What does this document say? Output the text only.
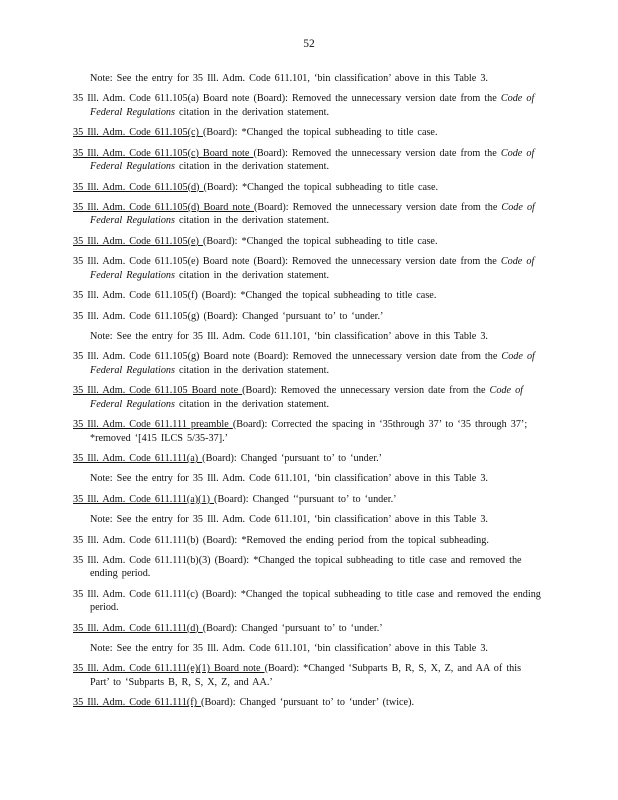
52

Note: See the entry for 35 Ill. Adm. Code 611.101, ‘bin classification’ above in this Table 3.

35 Ill. Adm. Code 611.105(a) Board note (Board): Removed the unnecessary version date from the Code of Federal Regulations citation in the derivation statement.

35 Ill. Adm. Code 611.105(c) (Board): *Changed the topical subheading to title case.

35 Ill. Adm. Code 611.105(c) Board note (Board): Removed the unnecessary version date from the Code of Federal Regulations citation in the derivation statement.

35 Ill. Adm. Code 611.105(d) (Board): *Changed the topical subheading to title case.

35 Ill. Adm. Code 611.105(d) Board note (Board): Removed the unnecessary version date from the Code of Federal Regulations citation in the derivation statement.

35 Ill. Adm. Code 611.105(e) (Board): *Changed the topical subheading to title case.

35 Ill. Adm. Code 611.105(e) Board note (Board): Removed the unnecessary version date from the Code of Federal Regulations citation in the derivation statement.

35 Ill. Adm. Code 611.105(f) (Board): *Changed the topical subheading to title case.

35 Ill. Adm. Code 611.105(g) (Board): Changed ‘pursuant to’ to ‘under.’

Note: See the entry for 35 Ill. Adm. Code 611.101, ‘bin classification’ above in this Table 3.

35 Ill. Adm. Code 611.105(g) Board note (Board): Removed the unnecessary version date from the Code of Federal Regulations citation in the derivation statement.

35 Ill. Adm. Code 611.105 Board note (Board): Removed the unnecessary version date from the Code of Federal Regulations citation in the derivation statement.

35 Ill. Adm. Code 611.111 preamble (Board): Corrected the spacing in ‘35through 37’ to ‘35 through 37’; *removed ‘[415 ILCS 5/35-37].’

35 Ill. Adm. Code 611.111(a) (Board): Changed ‘pursuant to’ to ‘under.’

Note: See the entry for 35 Ill. Adm. Code 611.101, ‘bin classification’ above in this Table 3.

35 Ill. Adm. Code 611.111(a)(1) (Board): Changed ‘‘pursuant to’ to ‘under.’

Note: See the entry for 35 Ill. Adm. Code 611.101, ‘bin classification’ above in this Table 3.

35 Ill. Adm. Code 611.111(b) (Board): *Removed the ending period from the topical subheading.

35 Ill. Adm. Code 611.111(b)(3) (Board): *Changed the topical subheading to title case and removed the ending period.

35 Ill. Adm. Code 611.111(c) (Board): *Changed the topical subheading to title case and removed the ending period.

35 Ill. Adm. Code 611.111(d) (Board): Changed ‘pursuant to’ to ‘under.’

Note: See the entry for 35 Ill. Adm. Code 611.101, ‘bin classification’ above in this Table 3.

35 Ill. Adm. Code 611.111(e)(1) Board note (Board): *Changed ‘Subparts B, R, S, X, Z, and AA of this Part’ to ‘Subparts B, R, S, X, Z, and AA.’

35 Ill. Adm. Code 611.111(f) (Board): Changed ‘pursuant to’ to ‘under’ (twice).
